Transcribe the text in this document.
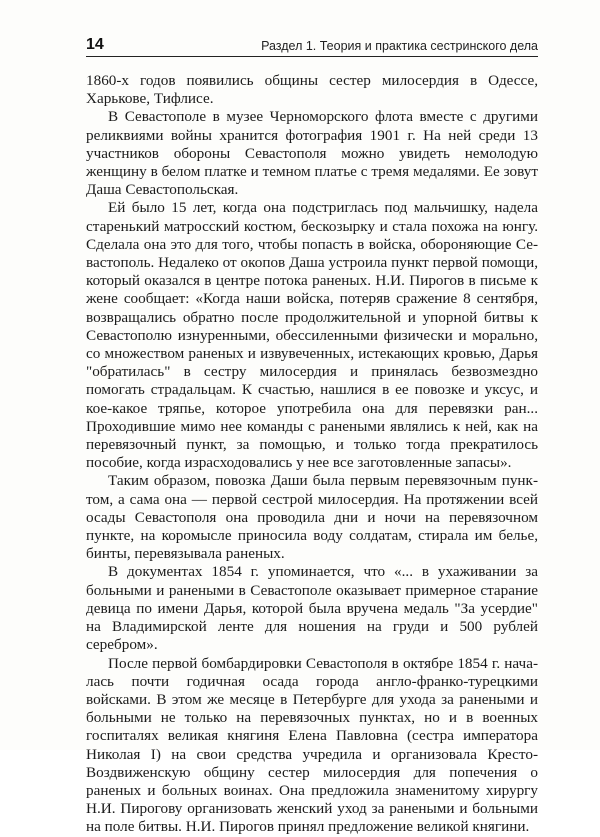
14	Раздел 1. Теория и практика сестринского дела

1860-х годов появились общины сестер милосердия в Одессе, Харькове, Тифлисе.

В Севастополе в музее Черноморского флота вместе с другими реликвиями войны хранится фотография 1901 г. На ней среди 13 участников обороны Севастополя можно увидеть немолодую женщину в белом платке и темном платье с тремя медалями. Ее зовут Даша Севастопольская.

Ей было 15 лет, когда она подстриглась под мальчишку, надела старенький матросский костюм, бескозырку и стала похожа на юнгу. Сделала она это для того, чтобы попасть в войска, обороняющие Севастополь. Недалеко от окопов Даша устроила пункт первой помощи, который оказался в центре потока раненых. Н.И. Пирогов в письме к жене сообщает: «Когда наши войска, потеряв сражение 8 сентября, возвращались обратно после продолжительной и упорной битвы к Севастополю изнуренными, обессиленными физически и морально, со множеством раненых и извувеченных, истекающих кровью, Дарья "обратилась" в сестру милосердия и принялась безвозмездно помогать страдальцам. К счастью, нашлися в ее повозке и уксус, и кое-какое тряпье, которое употребила она для перевязки ран... Проходившие мимо нее команды с ранеными являлись к ней, как на перевязочный пункт, за помощью, и только тогда прекратилось пособие, когда израсходовались у нее все заготовленные запасы».

Таким образом, повозка Даши была первым перевязочным пунктом, а сама она — первой сестрой милосердия. На протяжении всей осады Севастополя она проводила дни и ночи на перевязочном пункте, на коромысле приносила воду солдатам, стирала им белье, бинты, перевязывала раненых.

В документах 1854 г. упоминается, что «... в ухаживании за больными и ранеными в Севастополе оказывает примерное старание девица по имени Дарья, которой была вручена медаль "За усердие" на Владимирской ленте для ношения на груди и 500 рублей серебром».

После первой бомбардировки Севастополя в октябре 1854 г. началась почти годичная осада города англо-франко-турецкими войсками. В этом же месяце в Петербурге для ухода за ранеными и больными не только на перевязочных пунктах, но и в военных госпиталях великая княгиня Елена Павловна (сестра императора Николая I) на свои средства учредила и организовала Кресто-Воздвиженскую общину сестер милосердия для попечения о раненых и больных воинах. Она предложила знаменитому хирургу Н.И. Пирогову организовать женский уход за ранеными и больными на поле битвы. Н.И. Пирогов принял предложение великой княгини.
